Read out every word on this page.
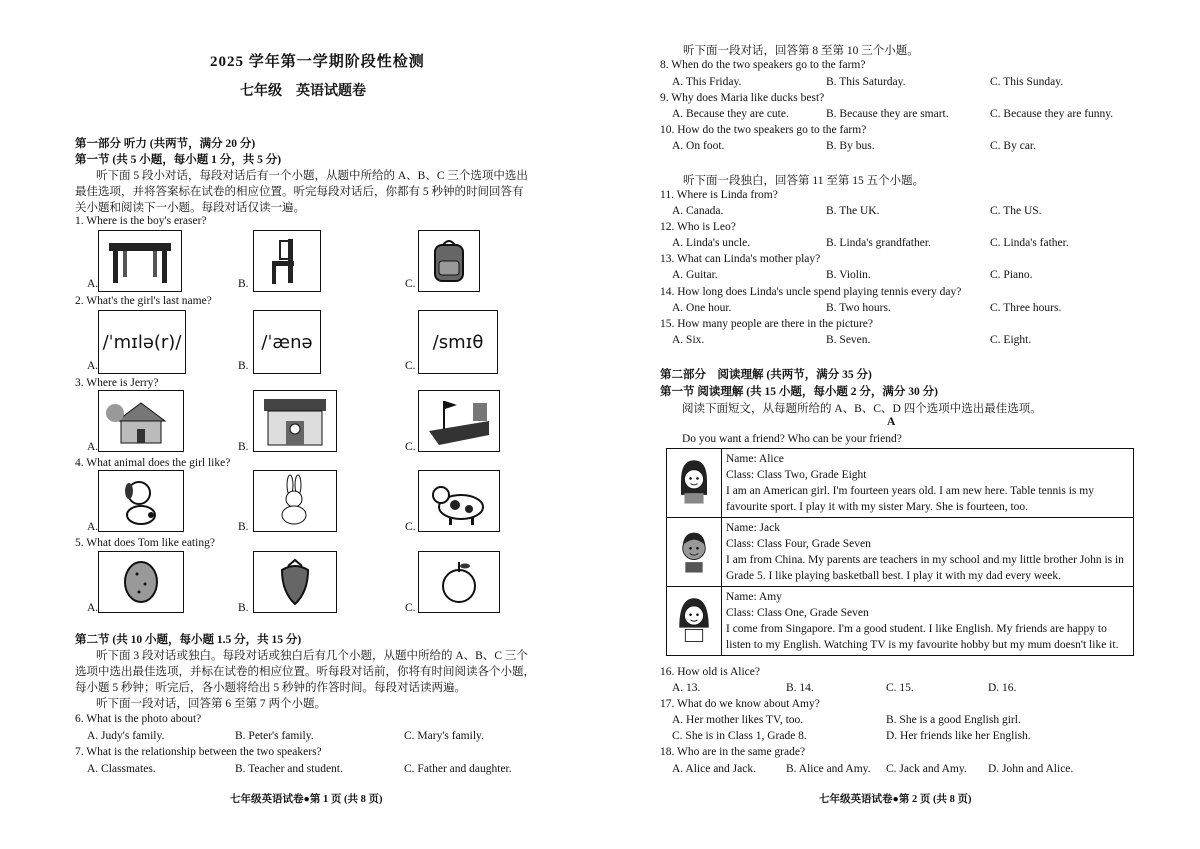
2025 学年第一学期阶段性检测
七年级　英语试题卷
第一部分 听力 (共两节，满分 20 分)
第一节 (共 5 小题，每小题 1 分，共 5 分)
听下面 5 段小对话，每段对话后有一个小题，从题中所给的 A、B、C 三个选项中选出
最佳选项，并将答案标在试卷的相应位置。听完每段对话后，你都有 5 秒钟的时间回答有
关小题和阅读下一小题。每段对话仅读一遍。
1. Where is the boy's eraser?
A.	B.	C.
2. What's the girl's last name?
A.
/ˈmɪlə(r)/
B.
/ˈænə
C.
/smɪθ
3. Where is Jerry?
A.	B.	C.
4. What animal does the girl like?
A.	B.	C.
5. What does Tom like eating?
A.	B.	C.
第二节 (共 10 小题，每小题 1.5 分，共 15 分)
听下面 3 段对话或独白。每段对话或独白后有几个小题，从题中所给的 A、B、C 三个
选项中选出最佳选项，并标在试卷的相应位置。听每段对话前，你将有时间阅读各个小题，
每小题 5 秒钟；听完后，各小题将给出 5 秒钟的作答时间。每段对话读两遍。
听下面一段对话，回答第 6 至第 7 两个小题。
6. What is the photo about?
A. Judy's family.	B. Peter's family.	C. Mary's family.
7. What is the relationship between the two speakers?
A. Classmates.	B. Teacher and student.	C. Father and daughter.
七年级英语试卷●第 1 页 (共 8 页)
听下面一段对话，回答第 8 至第 10 三个小题。
8. When do the two speakers go to the farm?
A. This Friday.	B. This Saturday.	C. This Sunday.
9. Why does Maria like ducks best?
A. Because they are cute.	B. Because they are smart.	C. Because they are funny.
10. How do the two speakers go to the farm?
A. On foot.	B. By bus.	C. By car.
听下面一段独白，回答第 11 至第 15 五个小题。
11. Where is Linda from?
A. Canada.	B. The UK.	C. The US.
12. Who is Leo?
A. Linda's uncle.	B. Linda's grandfather.	C. Linda's father.
13. What can Linda's mother play?
A. Guitar.	B. Violin.	C. Piano.
14. How long does Linda's uncle spend playing tennis every day?
A. One hour.	B. Two hours.	C. Three hours.
15. How many people are there in the picture?
A. Six.	B. Seven.	C. Eight.
第二部分　阅读理解 (共两节，满分 35 分)
第一节 阅读理解 (共 15 小题，每小题 2 分，满分 30 分)
阅读下面短文，从每题所给的 A、B、C、D 四个选项中选出最佳选项。
A
Do you want a friend? Who can be your friend?

Name: Alice
Class: Class Two, Grade Eight
I am an American girl. I'm fourteen years old. I am new here. Table tennis is my favourite sport. I play it with my sister Mary. She is fourteen, too.

Name: Jack
Class: Class Four, Grade Seven
I am from China. My parents are teachers in my school and my little brother John is in Grade 5. I like playing basketball best. I play it with my dad every week.

Name: Amy
Class: Class One, Grade Seven
I come from Singapore. I'm a good student. I like English. My friends are happy to listen to my English. Watching TV is my favourite hobby but my mum doesn't like it.
16. How old is Alice?
A. 13.	B. 14.	C. 15.	D. 16.
17. What do we know about Amy?
A. Her mother likes TV, too.	B. She is a good English girl.
C. She is in Class 1, Grade 8.	D. Her friends like her English.
18. Who are in the same grade?
A. Alice and Jack.	B. Alice and Amy. C. Jack and Amy. D. John and Alice.
七年级英语试卷●第 2 页 (共 8 页)
